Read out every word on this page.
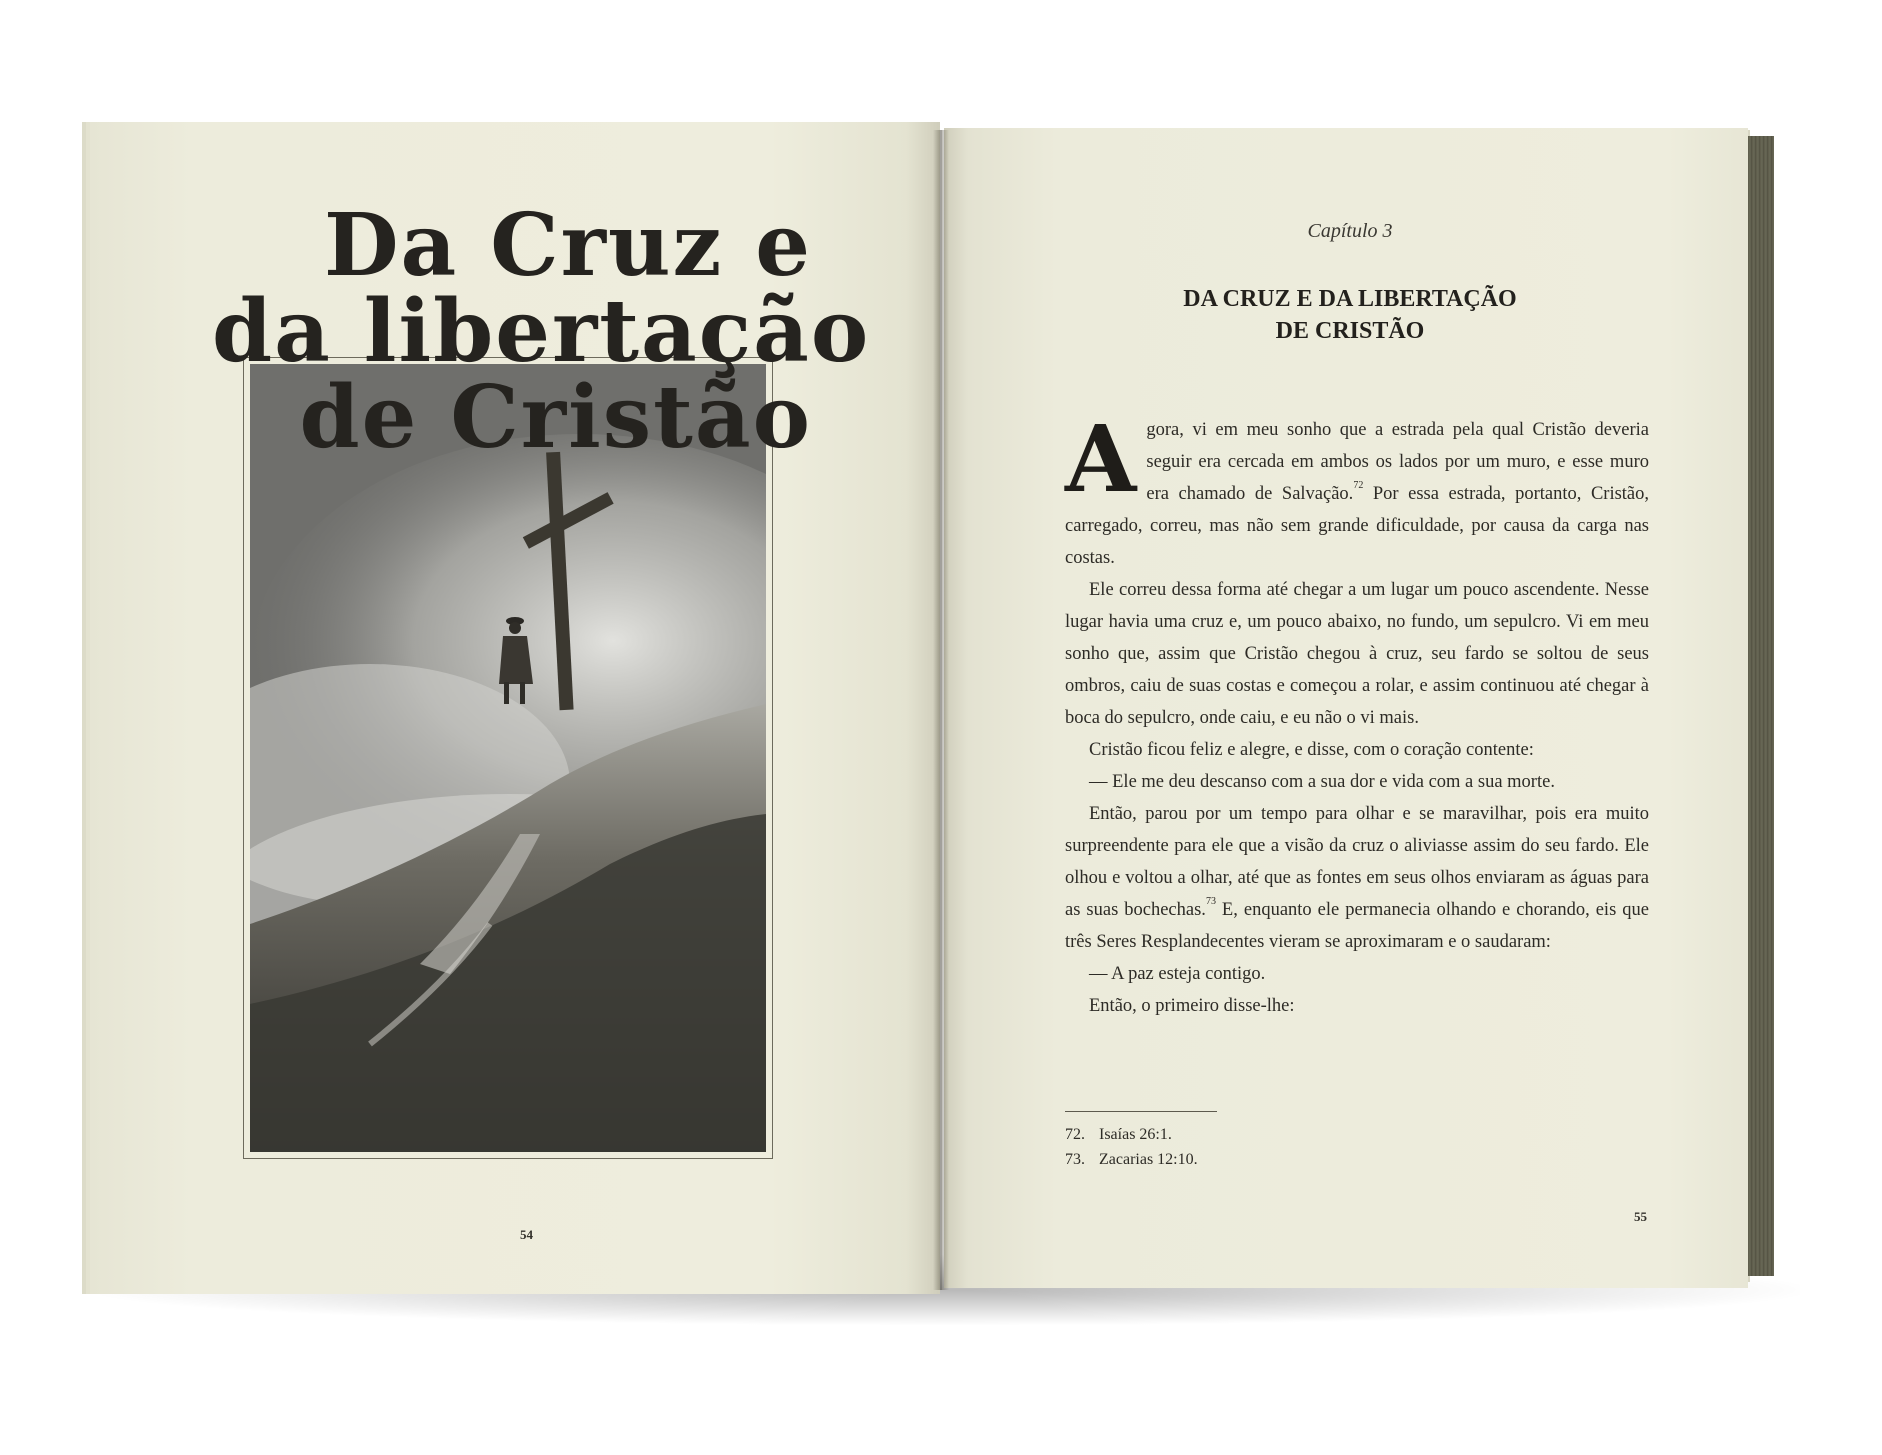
Da Cruz e
da libertação
de Cristão
54
Capítulo 3
DA CRUZ E DA LIBERTAÇÃO
DE CRISTÃO

Agora, vi em meu sonho que a estrada pela qual Cristão deveria seguir era cercada em ambos os lados por um muro, e esse muro era chamado de Salvação.$^{72}$ Por essa estrada, portanto, Cristão, carregado, correu, mas não sem grande dificuldade, por causa da carga nas costas.

Ele correu dessa forma até chegar a um lugar um pouco ascendente. Nesse lugar havia uma cruz e, um pouco abaixo, no fundo, um sepulcro. Vi em meu sonho que, assim que Cristão chegou à cruz, seu fardo se soltou de seus ombros, caiu de suas costas e começou a rolar, e assim continuou até chegar à boca do sepulcro, onde caiu, e eu não o vi mais.

Cristão ficou feliz e alegre, e disse, com o coração contente:

— Ele me deu descanso com a sua dor e vida com a sua morte.

Então, parou por um tempo para olhar e se maravilhar, pois era muito surpreendente para ele que a visão da cruz o aliviasse assim do seu fardo. Ele olhou e voltou a olhar, até que as fontes em seus olhos enviaram as águas para as suas bochechas.$^{73}$ E, enquanto ele permanecia olhando e chorando, eis que três Seres Resplandecentes vieram se aproximaram e o saudaram:

— A paz esteja contigo.

Então, o primeiro disse-lhe:

72. Isaías 26:1.
73. Zacarias 12:10.
55
